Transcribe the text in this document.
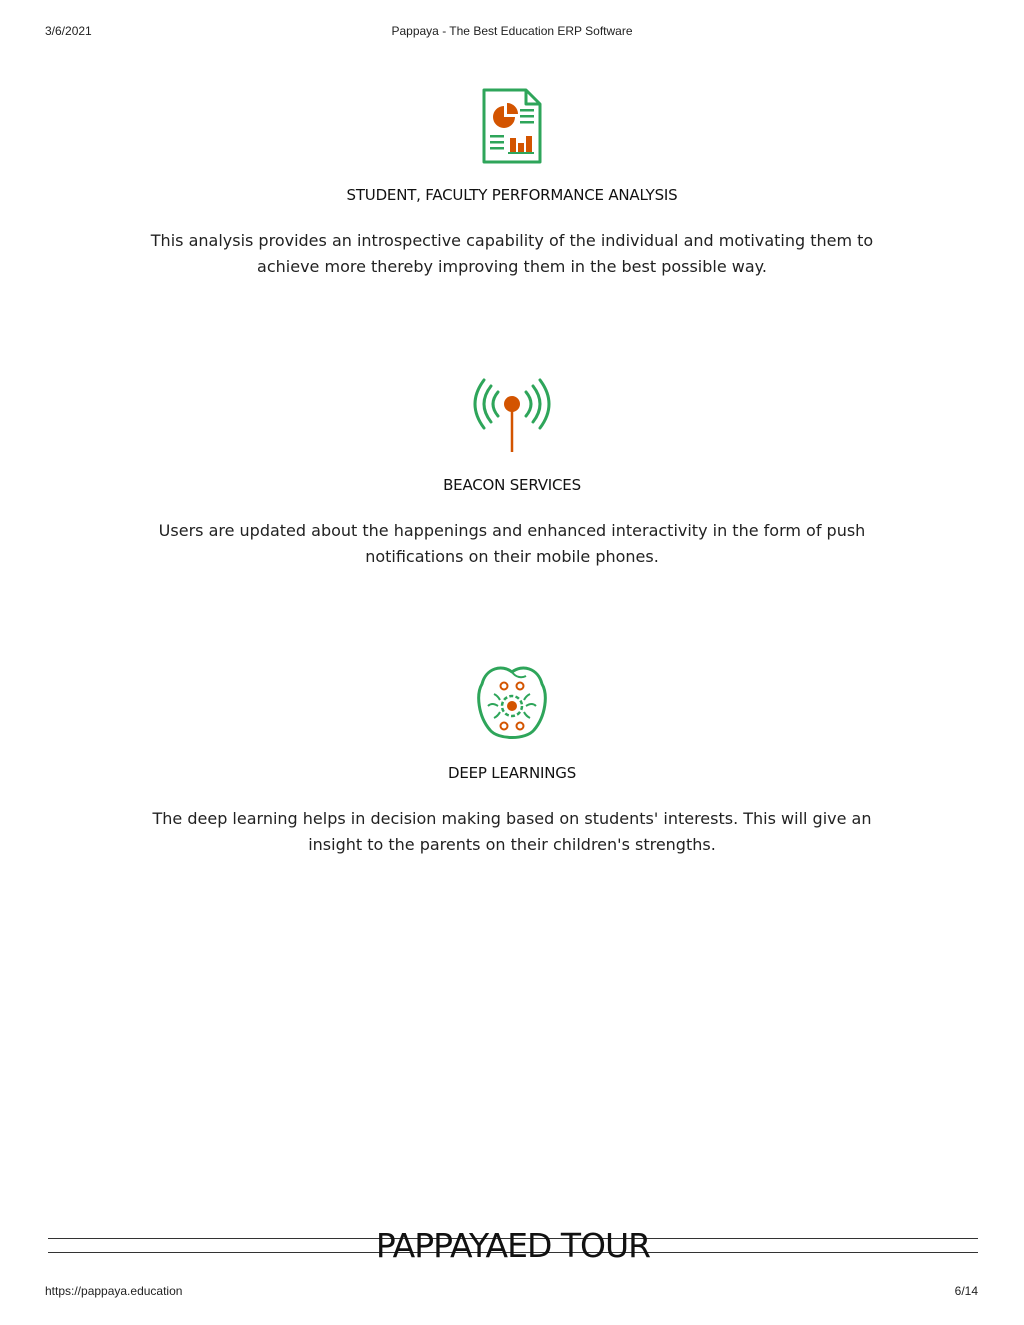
3/6/2021	Pappaya - The Best Education ERP Software
STUDENT, FACULTY PERFORMANCE ANALYSIS
This analysis provides an introspective capability of the individual and motivating them to achieve more thereby improving them in the best possible way.
BEACON SERVICES
Users are updated about the happenings and enhanced interactivity in the form of push notifications on their mobile phones.
DEEP LEARNINGS
The deep learning helps in decision making based on students' interests. This will give an insight to the parents on their children's strengths.
PAPPAYAED TOUR
https://pappaya.education	6/14
